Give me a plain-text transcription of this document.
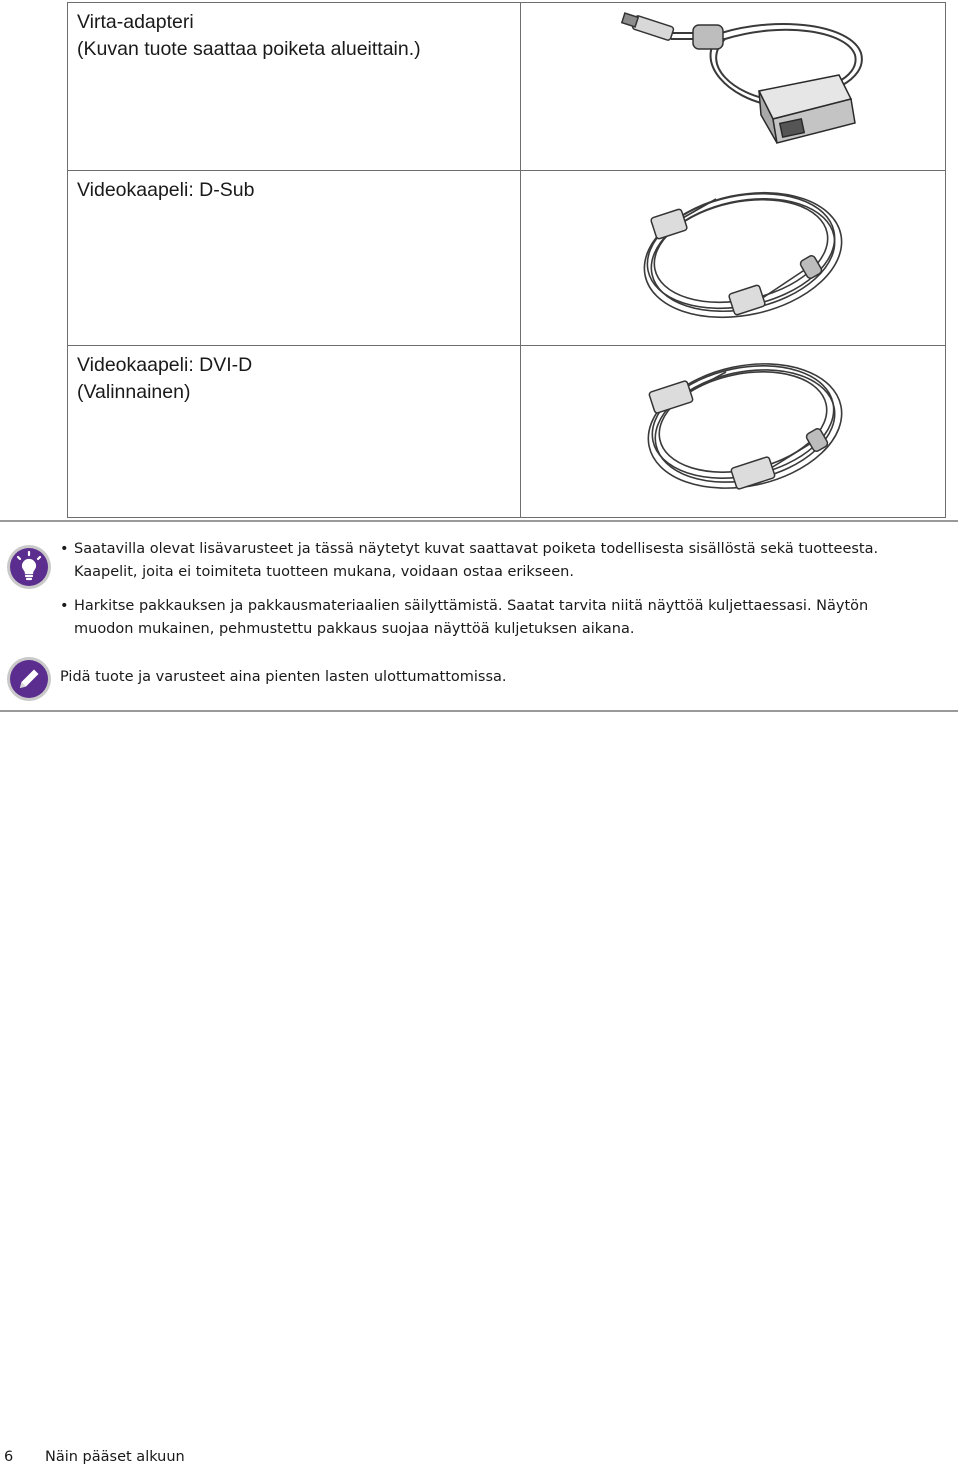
Virta-adapteri
(Kuvan tuote saattaa poiketa alueittain.)

Videokaapeli: D-Sub

Videokaapeli: DVI-D
(Valinnainen)

• Saatavilla olevat lisävarusteet ja tässä näytetyt kuvat saattavat poiketa todellisesta sisällöstä sekä tuotteesta.
Kaapelit, joita ei toimiteta tuotteen mukana, voidaan ostaa erikseen.
• Harkitse pakkauksen ja pakkausmateriaalien säilyttämistä. Saatat tarvita niitä näyttöä kuljettaessasi. Näytön
muodon mukainen, pehmustettu pakkaus suojaa näyttöä kuljetuksen aikana.
Pidä tuote ja varusteet aina pienten lasten ulottumattomissa.
6 Näin pääset alkuun
